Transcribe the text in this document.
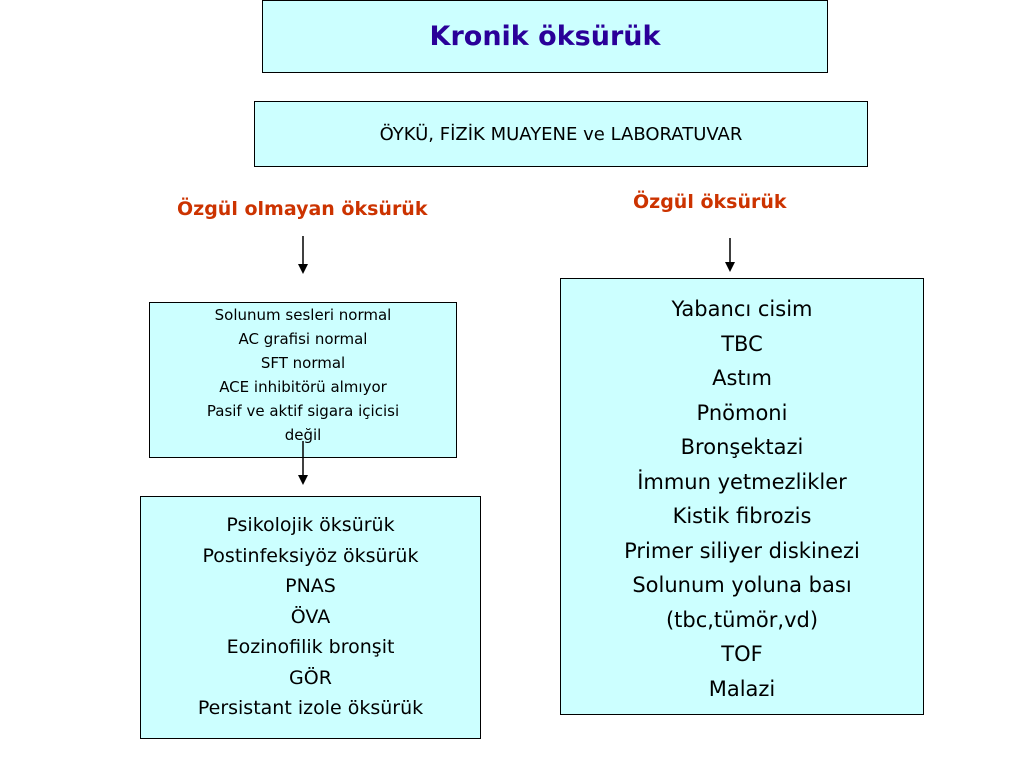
Kronik öksürük
ÖYKÜ, FİZİK MUAYENE ve LABORATUVAR
Özgül olmayan öksürük	Özgül öksürük
Solunum sesleri normal
AC grafisi normal
SFT normal
ACE inhibitörü almıyor
Pasif ve aktif sigara içicisi
değil
Psikolojik öksürük
Postinfeksiyöz öksürük
PNAS
ÖVA
Eozinofilik bronşit
GÖR
Persistant izole öksürük
Yabancı cisim
TBC
Astım
Pnömoni
Bronşektazi
İmmun yetmezlikler
Kistik fibrozis
Primer siliyer diskinezi
Solunum yoluna bası
(tbc,tümör,vd)
TOF
Malazi
